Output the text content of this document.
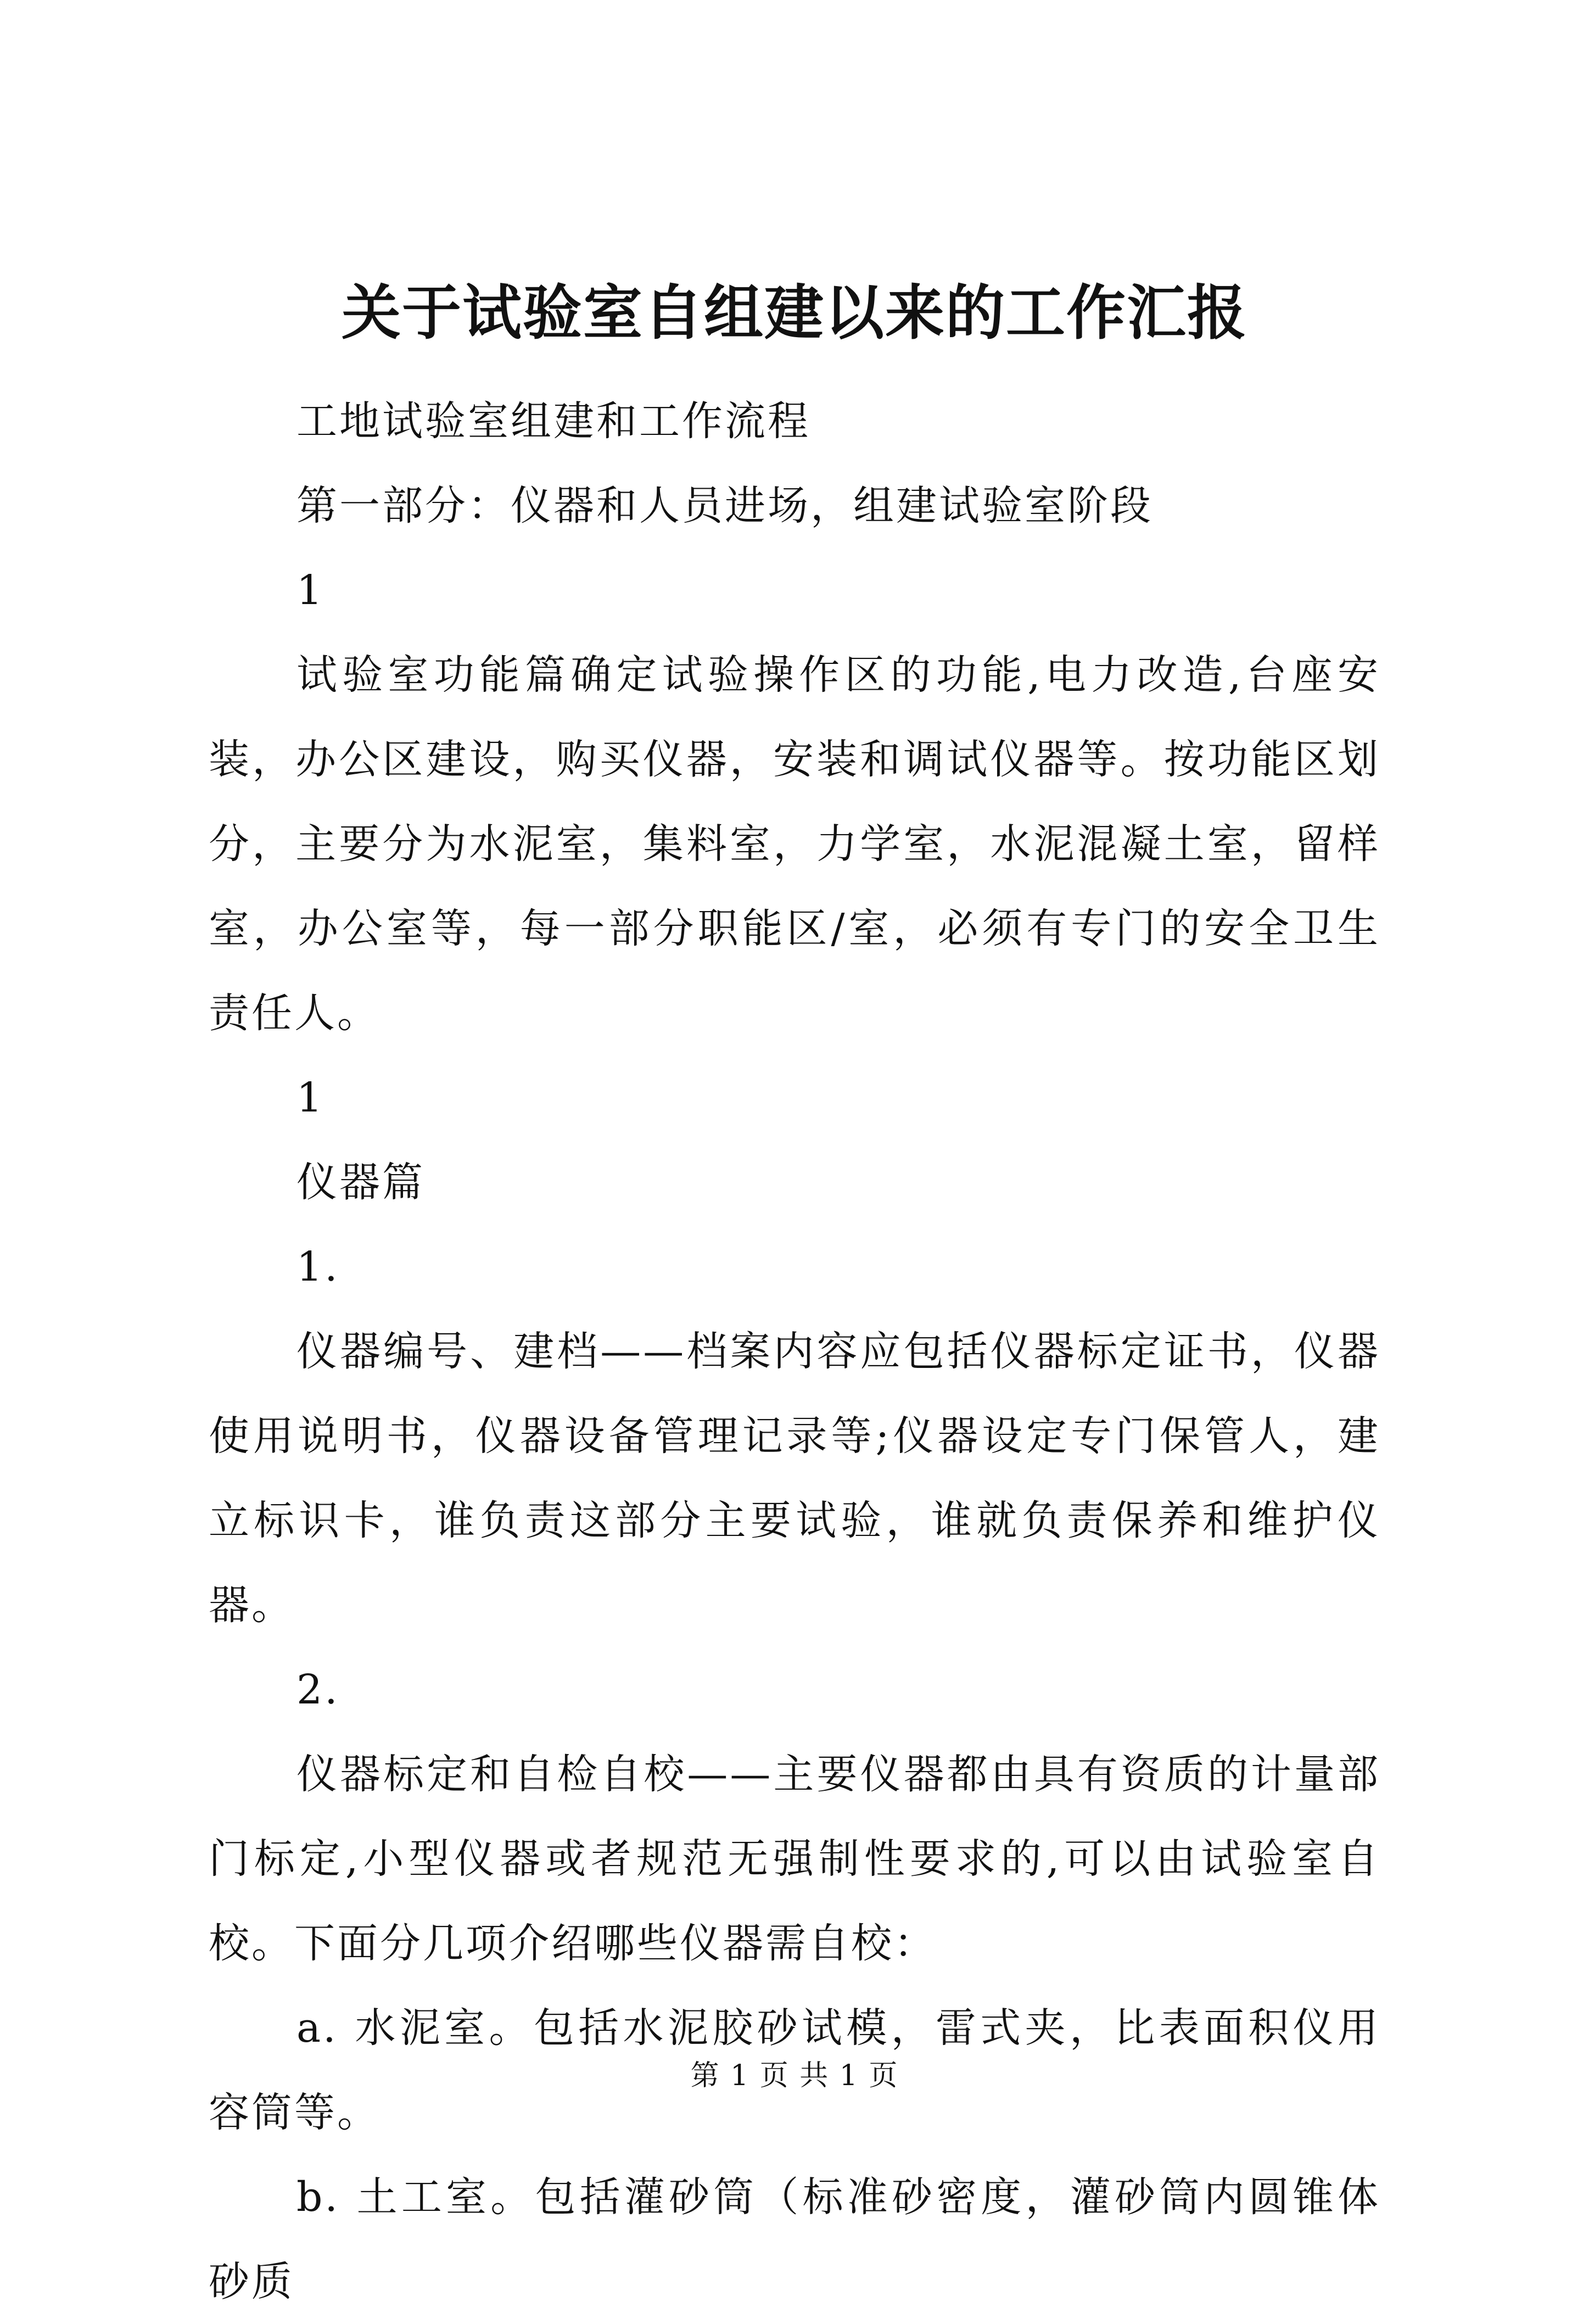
关于试验室自组建以来的工作汇报

工地试验室组建和工作流程

第一部分：仪器和人员进场，组建试验室阶段

1

试验室功能篇确定试验操作区的功能,电力改造,台座安装，办公区建设，购买仪器，安装和调试仪器等。按功能区划分，主要分为水泥室，集料室，力学室，水泥混凝土室，留样室，办公室等，每一部分职能区/室，必须有专门的安全卫生责任人。

1

仪器篇

1.

仪器编号、建档——档案内容应包括仪器标定证书，仪器使用说明书，仪器设备管理记录等;仪器设定专门保管人，建立标识卡，谁负责这部分主要试验，谁就负责保养和维护仪器。

2.

仪器标定和自检自校——主要仪器都由具有资质的计量部门标定,小型仪器或者规范无强制性要求的,可以由试验室自校。下面分几项介绍哪些仪器需自校：

a. 水泥室。包括水泥胶砂试模，雷式夹，比表面积仪用容筒等。

b. 土工室。包括灌砂筒（标准砂密度，灌砂筒内圆锥体砂质

第 1 页 共 1 页
